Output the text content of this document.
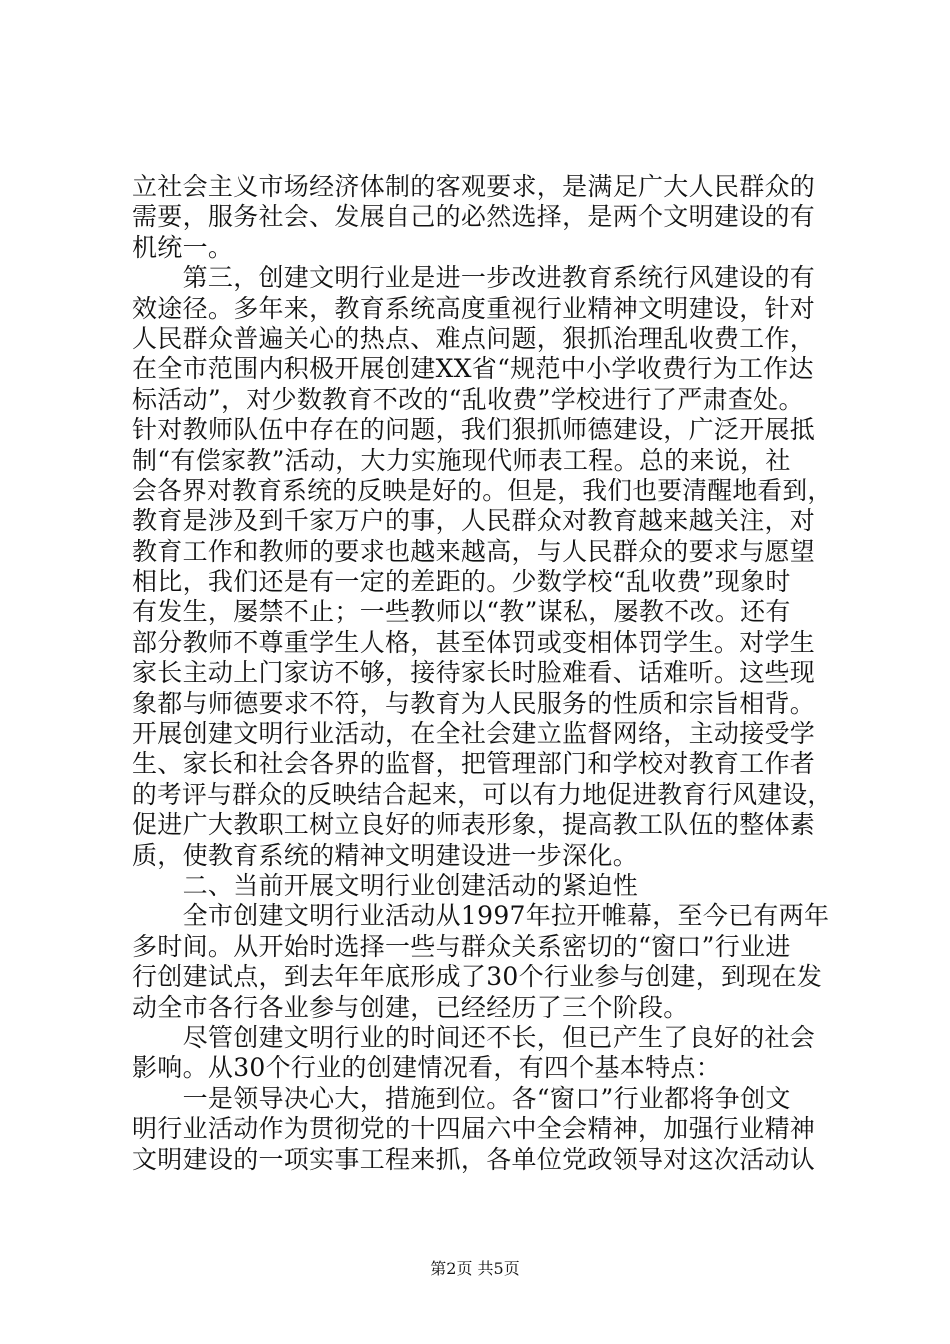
立社会主义市场经济体制的客观要求，是满足广大人民群众的
需要，服务社会、发展自己的必然选择，是两个文明建设的有
机统一。
　　第三，创建文明行业是进一步改进教育系统行风建设的有
效途径。多年来，教育系统高度重视行业精神文明建设，针对
人民群众普遍关心的热点、难点问题，狠抓治理乱收费工作，
在全市范围内积极开展创建XX省“规范中小学收费行为工作达
标活动”，对少数教育不改的“乱收费”学校进行了严肃查处。
针对教师队伍中存在的问题，我们狠抓师德建设，广泛开展抵
制“有偿家教”活动，大力实施现代师表工程。总的来说，社
会各界对教育系统的反映是好的。但是，我们也要清醒地看到，
教育是涉及到千家万户的事，人民群众对教育越来越关注，对
教育工作和教师的要求也越来越高，与人民群众的要求与愿望
相比，我们还是有一定的差距的。少数学校“乱收费”现象时
有发生，屡禁不止；一些教师以“教”谋私，屡教不改。还有
部分教师不尊重学生人格，甚至体罚或变相体罚学生。对学生
家长主动上门家访不够，接待家长时脸难看、话难听。这些现
象都与师德要求不符，与教育为人民服务的性质和宗旨相背。
开展创建文明行业活动，在全社会建立监督网络，主动接受学
生、家长和社会各界的监督，把管理部门和学校对教育工作者
的考评与群众的反映结合起来，可以有力地促进教育行风建设，
促进广大教职工树立良好的师表形象，提高教工队伍的整体素
质，使教育系统的精神文明建设进一步深化。
　　二、当前开展文明行业创建活动的紧迫性
　　全市创建文明行业活动从1997年拉开帷幕，至今已有两年
多时间。从开始时选择一些与群众关系密切的“窗口”行业进
行创建试点，到去年年底形成了30个行业参与创建，到现在发
动全市各行各业参与创建，已经经历了三个阶段。
　　尽管创建文明行业的时间还不长，但已产生了良好的社会
影响。从30个行业的创建情况看，有四个基本特点：
　　一是领导决心大，措施到位。各“窗口”行业都将争创文
明行业活动作为贯彻党的十四届六中全会精神，加强行业精神
文明建设的一项实事工程来抓，各单位党政领导对这次活动认
第2页 共5页
